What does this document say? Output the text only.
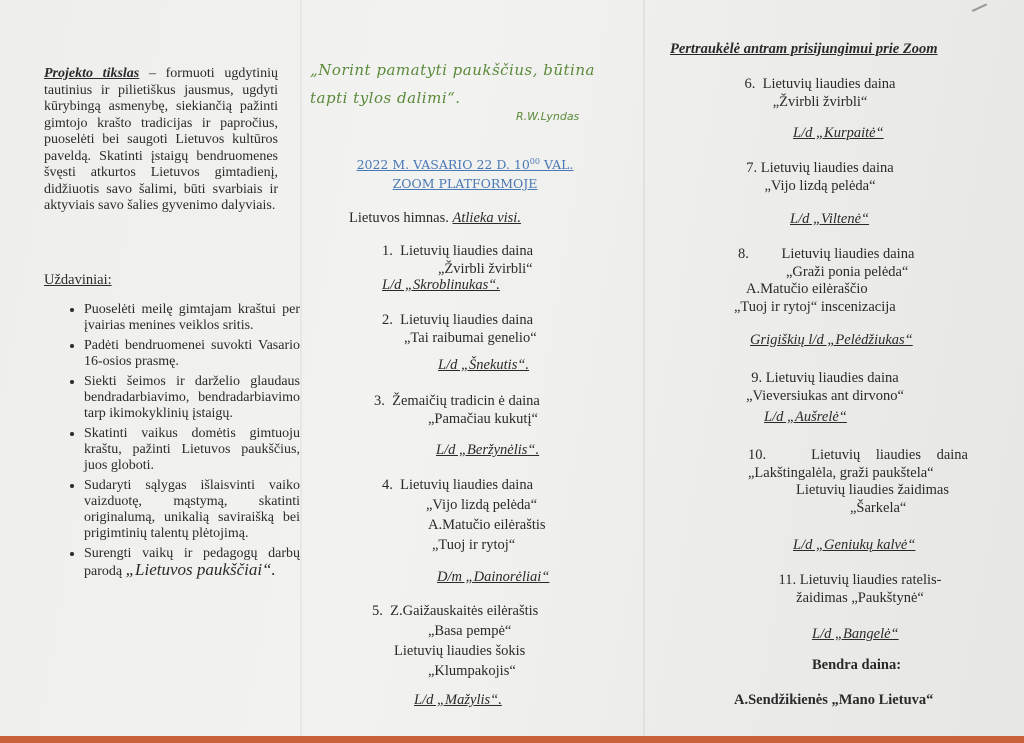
Projekto tikslas – formuoti ugdytinių tautinius ir pilietiškus jausmus, ugdyti kūrybingą asmenybę, siekiančią pažinti gimtojo krašto tradicijas ir papročius, puoselėti bei saugoti Lietuvos kultūros paveldą. Skatinti įstaigų bendruomenes švęsti atkurtos Lietuvos gimtadienį, didžiuotis savo šalimi, būti svarbiais ir aktyviais savo šalies gyvenimo dalyviais.
Uždaviniai:
• Puoselėti meilę gimtajam kraštui per įvairias menines veiklos sritis.
• Padėti bendruomenei suvokti Vasario 16-osios prasmę.
• Siekti šeimos ir darželio glaudaus bendradarbiavimo, bendradarbiavimo tarp ikimokyklinių įstaigų.
• Skatinti vaikus domėtis gimtuoju kraštu, pažinti Lietuvos paukščius, juos globoti.
• Sudaryti sąlygas išlaisvinti vaiko vaizduotę, mąstymą, skatinti originalumą, unikalią saviraišką bei prigimtinių talentų plėtojimą.
• Surengti vaikų ir pedagogų darbų parodą „Lietuvos paukščiai“.
„Norint pamatyti paukščius, būtina tapti tylos dalimi“.
R.W.Lyndas
2022 M. VASARIO 22 D. $10^{00}$ VAL.
ZOOM PLATFORMOJE
Lietuvos himnas. Atlieka visi.
1. Lietuvių liaudies daina
„Žvirbli žvirbli“
L/d „Skroblinukas“.
2. Lietuvių liaudies daina
„Tai raibumai genelio“
L/d „Šnekutis“.
3. Žemaičių tradicin ė daina
„Pamačiau kukutį“
L/d „Beržynėlis“.
4. Lietuvių liaudies daina
„Vijo lizdą pelėda“
A.Matučio eilėraštis
„Tuoj ir rytoj“
D/m „Dainorėliai“
5. Z.Gaižauskaitės eilėraštis
„Basa pempė“
Lietuvių liaudies šokis
„Klumpakojis“
L/d „Mažylis“.
Pertraukėlė antram prisijungimui prie Zoom
6. Lietuvių liaudies daina
„Žvirbli žvirbli“
L/d „Kurpaitė“
7. Lietuvių liaudies daina
„Vijo lizdą pelėda“
L/d „Viltenė“
8. Lietuvių liaudies daina
„Graži ponia pelėda“
A.Matučio eilėraščio
„Tuoj ir rytoj“ inscenizacija
Grigiškių l/d „Pelėdžiukas“
9. Lietuvių liaudies daina
„Vieversiukas ant dirvono“
L/d „Aušrelė“
10.	Lietuvių liaudies daina
„Lakštingalėla, graži paukštela“
Lietuvių liaudies žaidimas
„Šarkela“
L/d „Geniukų kalvė“
11. Lietuvių liaudies ratelis-
žaidimas „Paukštynė“
L/d „Bangelė“
Bendra daina:
A.Sendžikienės „Mano Lietuva“
